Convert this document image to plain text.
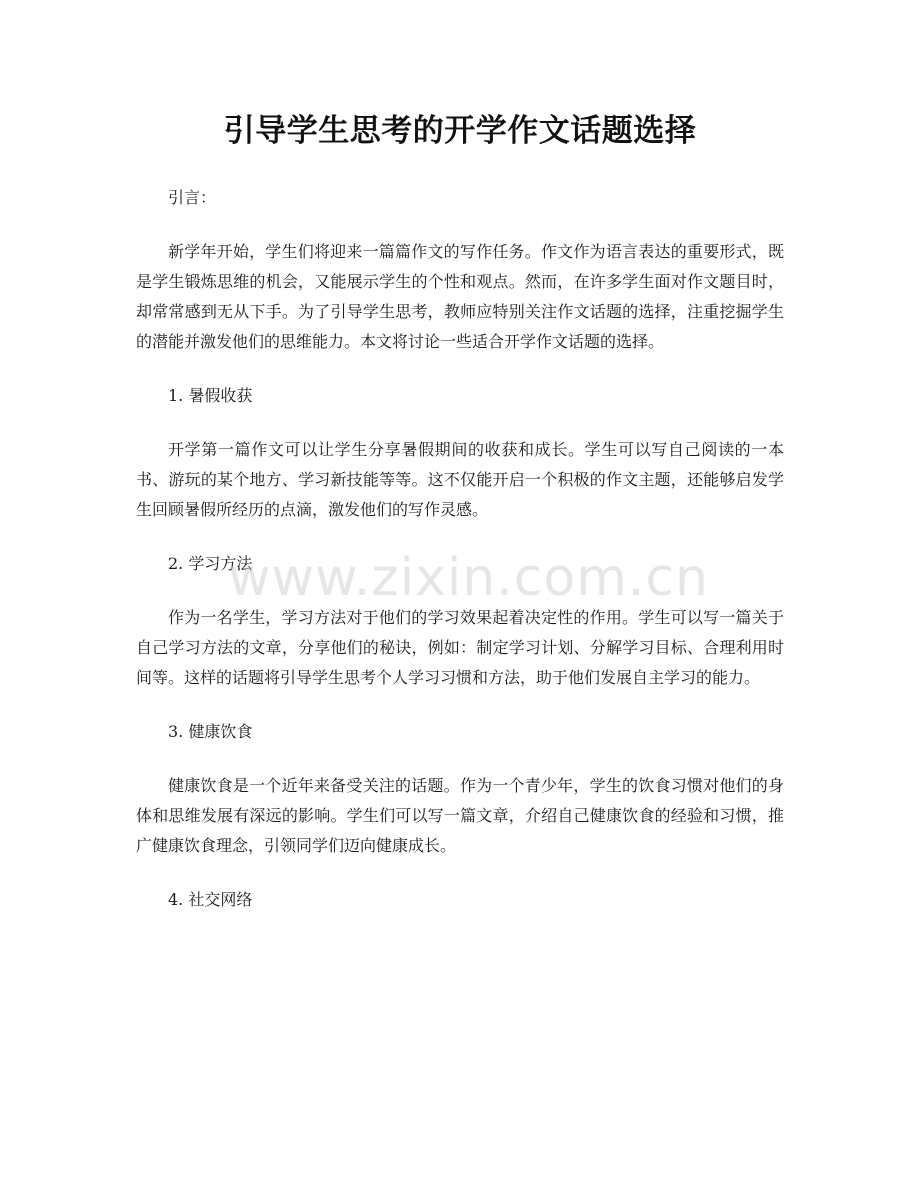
引导学生思考的开学作文话题选择

引言：

新学年开始，学生们将迎来一篇篇作文的写作任务。作文作为语言表达的重要形式，既是学生锻炼思维的机会，又能展示学生的个性和观点。然而，在许多学生面对作文题目时，却常常感到无从下手。为了引导学生思考，教师应特别关注作文话题的选择，注重挖掘学生的潜能并激发他们的思维能力。本文将讨论一些适合开学作文话题的选择。

1. 暑假收获

开学第一篇作文可以让学生分享暑假期间的收获和成长。学生可以写自己阅读的一本书、游玩的某个地方、学习新技能等等。这不仅能开启一个积极的作文主题，还能够启发学生回顾暑假所经历的点滴，激发他们的写作灵感。

2. 学习方法

作为一名学生，学习方法对于他们的学习效果起着决定性的作用。学生可以写一篇关于自己学习方法的文章，分享他们的秘诀，例如：制定学习计划、分解学习目标、合理利用时间等。这样的话题将引导学生思考个人学习习惯和方法，助于他们发展自主学习的能力。

3. 健康饮食

健康饮食是一个近年来备受关注的话题。作为一个青少年，学生的饮食习惯对他们的身体和思维发展有深远的影响。学生们可以写一篇文章，介绍自己健康饮食的经验和习惯，推广健康饮食理念，引领同学们迈向健康成长。

4. 社交网络

www.zixin.com.cn
